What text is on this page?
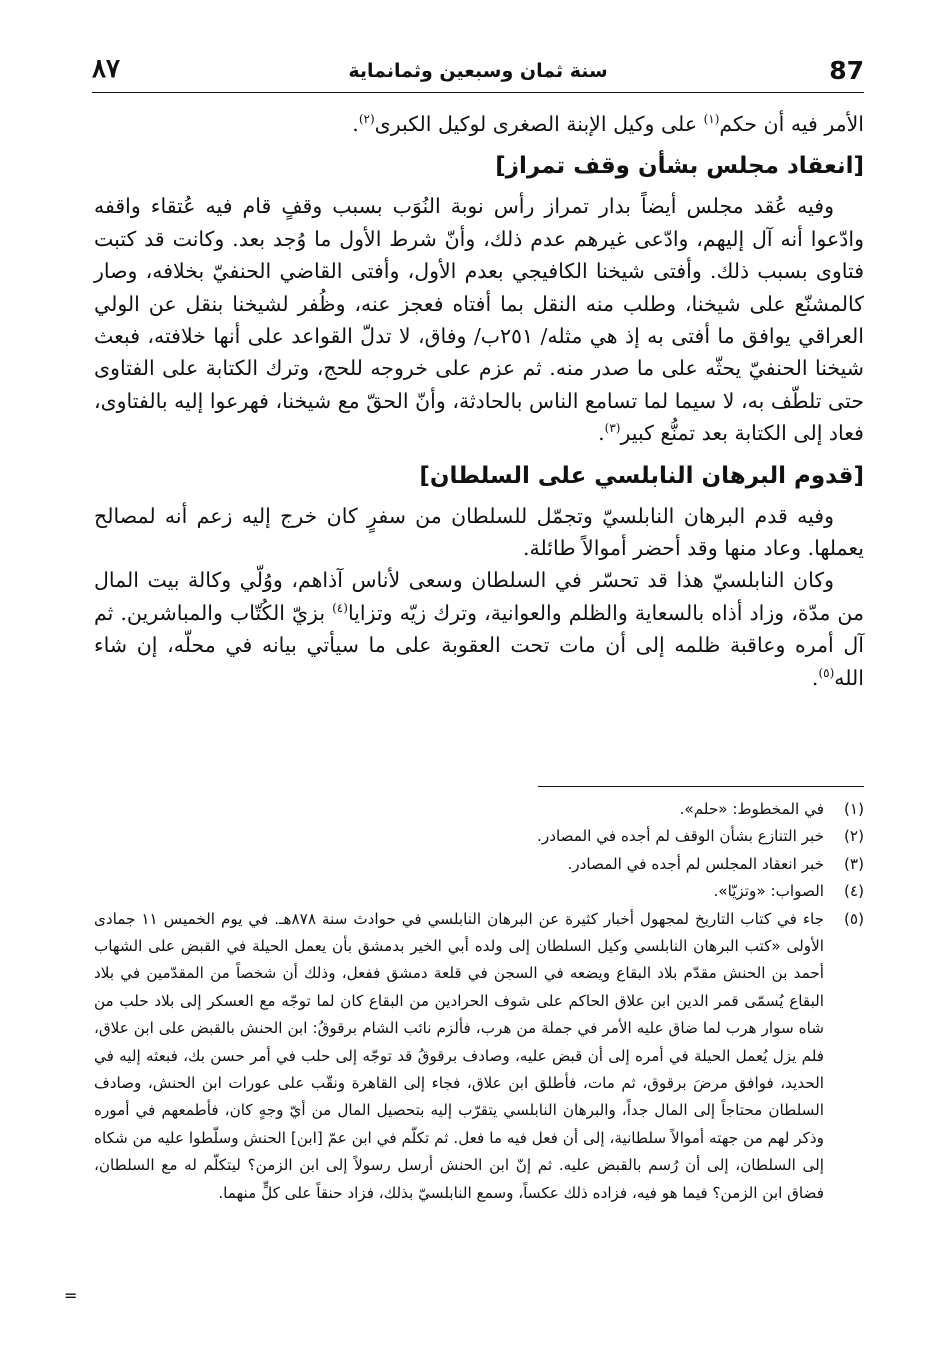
٨٧	سنة ثمان وسبعين وثمانماية	87

الأمر فيه أن حكم$^{(١)}$ على وكيل الإبنة الصغرى لوكيل الكبرى$^{(٢)}$.

[انعقاد مجلس بشأن وقف تمراز]

وفيه عُقد مجلس أيضاً بدار تمراز رأس نوبة النُوَب بسبب وقفٍ قام فيه عُتقاء واقفه وادّعوا أنه آل إليهم، وادّعى غيرهم عدم ذلك، وأنّ شرط الأول ما وُجد بعد. وكانت قد كتبت فتاوى بسبب ذلك. وأفتى شيخنا الكافيجي بعدم الأول، وأفتى القاضي الحنفيّ بخلافه، وصار كالمشنّع على شيخنا، وطلب منه النقل بما أفتاه فعجز عنه، وظُفر لشيخنا بنقل عن الولي العراقي يوافق ما أفتى به إذ هي مثله/ ٢٥١ب/ وفاق، لا تدلّ القواعد على أنها خلافته، فبعث شيخنا الحنفيّ يحثّه على ما صدر منه. ثم عزم على خروجه للحج، وترك الكتابة على الفتاوى حتى تلطّف به، لا سيما لما تسامع الناس بالحادثة، وأنّ الحقّ مع شيخنا، فهرعوا إليه بالفتاوى، فعاد إلى الكتابة بعد تمنُّع كبير$^{(٣)}$.

[قدوم البرهان النابلسي على السلطان]

وفيه قدم البرهان النابلسيّ وتجمّل للسلطان من سفرٍ كان خرج إليه زعم أنه لمصالح يعملها. وعاد منها وقد أحضر أموالاً طائلة.

وكان النابلسيّ هذا قد تحسّر في السلطان وسعى لأناس آذاهم، ووُلّي وكالة بيت المال من مدّة، وزاد أذاه بالسعاية والظلم والعوانية، وترك زيّه وتزايا$^{(٤)}$ بزيّ الكُتّاب والمباشرين. ثم آل أمره وعاقبة ظلمه إلى أن مات تحت العقوبة على ما سيأتي بيانه في محلّه، إن شاء الله$^{(٥)}$.

(١)
في المخطوط: «حلم».
(٢)
خبر التنازع بشأن الوقف لم أجده في المصادر.
(٣)
خبر انعقاد المجلس لم أجده في المصادر.
(٤)
الصواب: «وتزيّا».
(٥)
جاء في كتاب التاريخ لمجهول أخبار كثيرة عن البرهان النابلسي في حوادث سنة ٨٧٨هـ. في يوم الخميس ١١ جمادى الأولى «كتب البرهان النابلسي وكيل السلطان إلى ولده أبي الخير بدمشق بأن يعمل الحيلة في القبض على الشهاب أحمد بن الحنش مقدّم بلاد البقاع ويضعه في السجن في قلعة دمشق ففعل، وذلك أن شخصاً من المقدّمين في بلاد البقاع يُسمّى قمر الدين ابن علاق الحاكم على شوف الحرادين من البقاع كان لما توجّه مع العسكر إلى بلاد حلب من شاه سوار هرب لما ضاق عليه الأمر في جملة من هرب، فألزم نائب الشام برقوقُ: ابن الحنش بالقبض على ابن علاق، فلم يزل يُعمل الحيلة في أمره إلى أن قبض عليه، وصادف برقوقُ قد توجّه إلى حلب في أمر حسن بك، فبعثه إليه في الحديد، فوافق مرضَ برقوق، ثم مات، فأطلق ابن علاق، فجاء إلى القاهرة ونقّب على عورات ابن الحنش، وصادف السلطان محتاجاً إلى المال جداً، والبرهان النابلسي يتقرّب إليه بتحصيل المال من أيّ وجهٍ كان، فأطمعهم في أموره وذكر لهم من جهته أموالاً سلطانية، إلى أن فعل فيه ما فعل. ثم تكلّم في ابن عمّ [ابن] الحنش وسلّطوا عليه من شكاه إلى السلطان، إلى أن رُسم بالقبض عليه. ثم إنّ ابن الحنش أرسل رسولاً إلى ابن الزمن؟ ليتكلّم له مع السلطان، فضاق ابن الزمن؟ فيما هو فيه، فزاده ذلك عكساً، وسمع النابلسيّ بذلك، فزاد حنقاً على كلٍّ منهما.
=
